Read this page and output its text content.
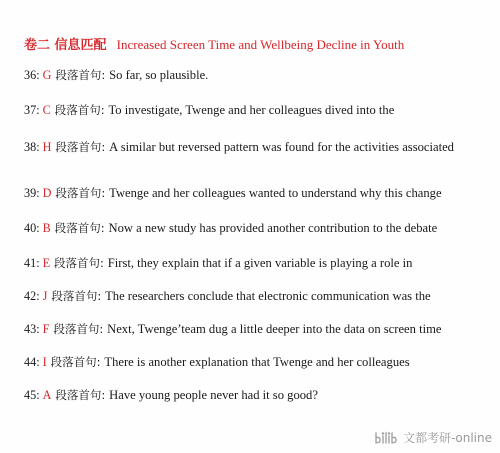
卷二 信息匹配 Increased Screen Time and Wellbeing Decline in Youth
36: G 段落首句: So far, so plausible.
37: C 段落首句: To investigate, Twenge and her colleagues dived into the
38: H 段落首句: A similar but reversed pattern was found for the activities associated
39: D 段落首句: Twenge and her colleagues wanted to understand why this change
40: B 段落首句: Now a new study has provided another contribution to the debate
41: E 段落首句: First, they explain that if a given variable is playing a role in
42: J 段落首句: The researchers conclude that electronic communication was the
43: F 段落首句: Next, Twenge’team dug a little deeper into the data on screen time
44: I 段落首句: There is another explanation that Twenge and her colleagues
45: A 段落首句: Have young people never had it so good?
文都考研-online
